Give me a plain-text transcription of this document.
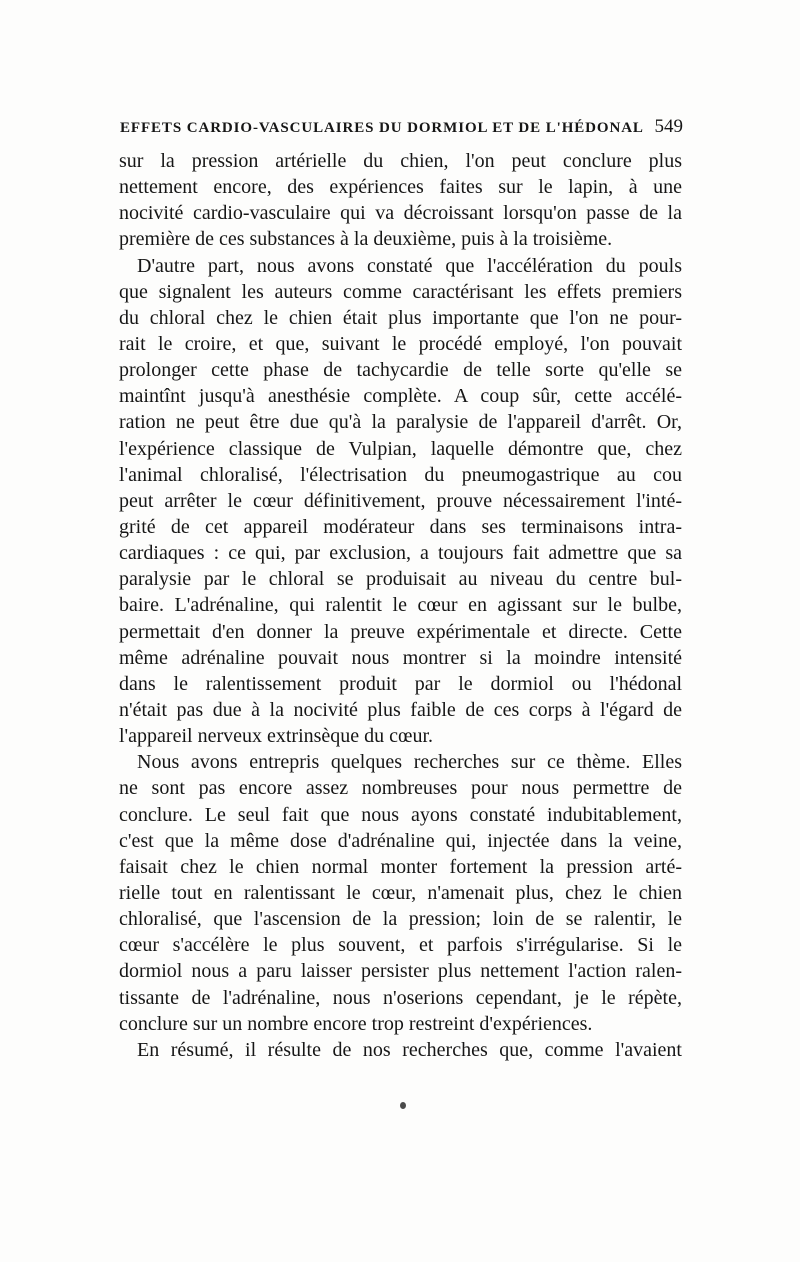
EFFETS CARDIO-VASCULAIRES DU DORMIOL ET DE L'HÉDONAL 549
sur la pression artérielle du chien, l'on peut conclure plus
nettement encore, des expériences faites sur le lapin, à une
nocivité cardio-vasculaire qui va décroissant lorsqu'on passe de la
première de ces substances à la deuxième, puis à la troisième.
D'autre part, nous avons constaté que l'accélération du pouls
que signalent les auteurs comme caractérisant les effets premiers
du chloral chez le chien était plus importante que l'on ne pour-
rait le croire, et que, suivant le procédé employé, l'on pouvait
prolonger cette phase de tachycardie de telle sorte qu'elle se
maintînt jusqu'à anesthésie complète. A coup sûr, cette accélé-
ration ne peut être due qu'à la paralysie de l'appareil d'arrêt. Or,
l'expérience classique de Vulpian, laquelle démontre que, chez
l'animal chloralisé, l'électrisation du pneumogastrique au cou
peut arrêter le cœur définitivement, prouve nécessairement l'inté-
grité de cet appareil modérateur dans ses terminaisons intra-
cardiaques : ce qui, par exclusion, a toujours fait admettre que sa
paralysie par le chloral se produisait au niveau du centre bul-
baire. L'adrénaline, qui ralentit le cœur en agissant sur le bulbe,
permettait d'en donner la preuve expérimentale et directe. Cette
même adrénaline pouvait nous montrer si la moindre intensité
dans le ralentissement produit par le dormiol ou l'hédonal
n'était pas due à la nocivité plus faible de ces corps à l'égard de
l'appareil nerveux extrinsèque du cœur.
Nous avons entrepris quelques recherches sur ce thème. Elles
ne sont pas encore assez nombreuses pour nous permettre de
conclure. Le seul fait que nous ayons constaté indubitablement,
c'est que la même dose d'adrénaline qui, injectée dans la veine,
faisait chez le chien normal monter fortement la pression arté-
rielle tout en ralentissant le cœur, n'amenait plus, chez le chien
chloralisé, que l'ascension de la pression; loin de se ralentir, le
cœur s'accélère le plus souvent, et parfois s'irrégularise. Si le
dormiol nous a paru laisser persister plus nettement l'action ralen-
tissante de l'adrénaline, nous n'oserions cependant, je le répète,
conclure sur un nombre encore trop restreint d'expériences.
En résumé, il résulte de nos recherches que, comme l'avaient
